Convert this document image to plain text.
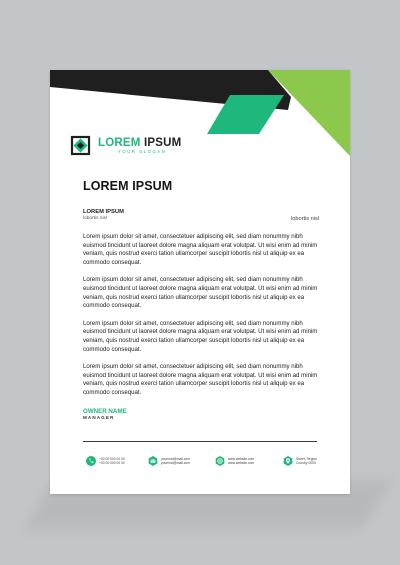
LOREM IPSUM
YOUR SLOGAN
LOREM IPSUM
LOREM IPSUM
lobortis nisl	lobortis nisl

Lorem ipsum dolor sit amet, consectetuer adipiscing elit, sed diam nonummy nibh euismod tincidunt ut laoreet dolore magna aliquam erat volutpat. Ut wisi enim ad minim veniam, quis nostrud exerci tation ullamcorper suscipit lobortis nisl ut aliquip ex ea commodo consequat.

Lorem ipsum dolor sit amet, consectetuer adipiscing elit, sed diam nonummy nibh euismod tincidunt ut laoreet dolore magna aliquam erat volutpat. Ut wisi enim ad minim veniam, quis nostrud exerci tation ullamcorper suscipit lobortis nisl ut aliquip ex ea commodo consequat.

Lorem ipsum dolor sit amet, consectetuer adipiscing elit, sed diam nonummy nibh euismod tincidunt ut laoreet dolore magna aliquam erat volutpat. Ut wisi enim ad minim veniam, quis nostrud exerci tation ullamcorper suscipit lobortis nisl ut aliquip ex ea commodo consequat.

Lorem ipsum dolor sit amet, consectetuer adipiscing elit, sed diam nonummy nibh euismod tincidunt ut laoreet dolore magna aliquam erat volutpat. Ut wisi enim ad minim veniam, quis nostrud exerci tation ullamcorper suscipit lobortis nisl ut aliquip ex ea commodo consequat.

OWNER NAME
MANAGER
+00 00 000 00 00
+00 00 000 00 00
yourmail@mail.com
yourmail@mail.com
www.website.com
www.website.com
Street, Region
Country 0000
